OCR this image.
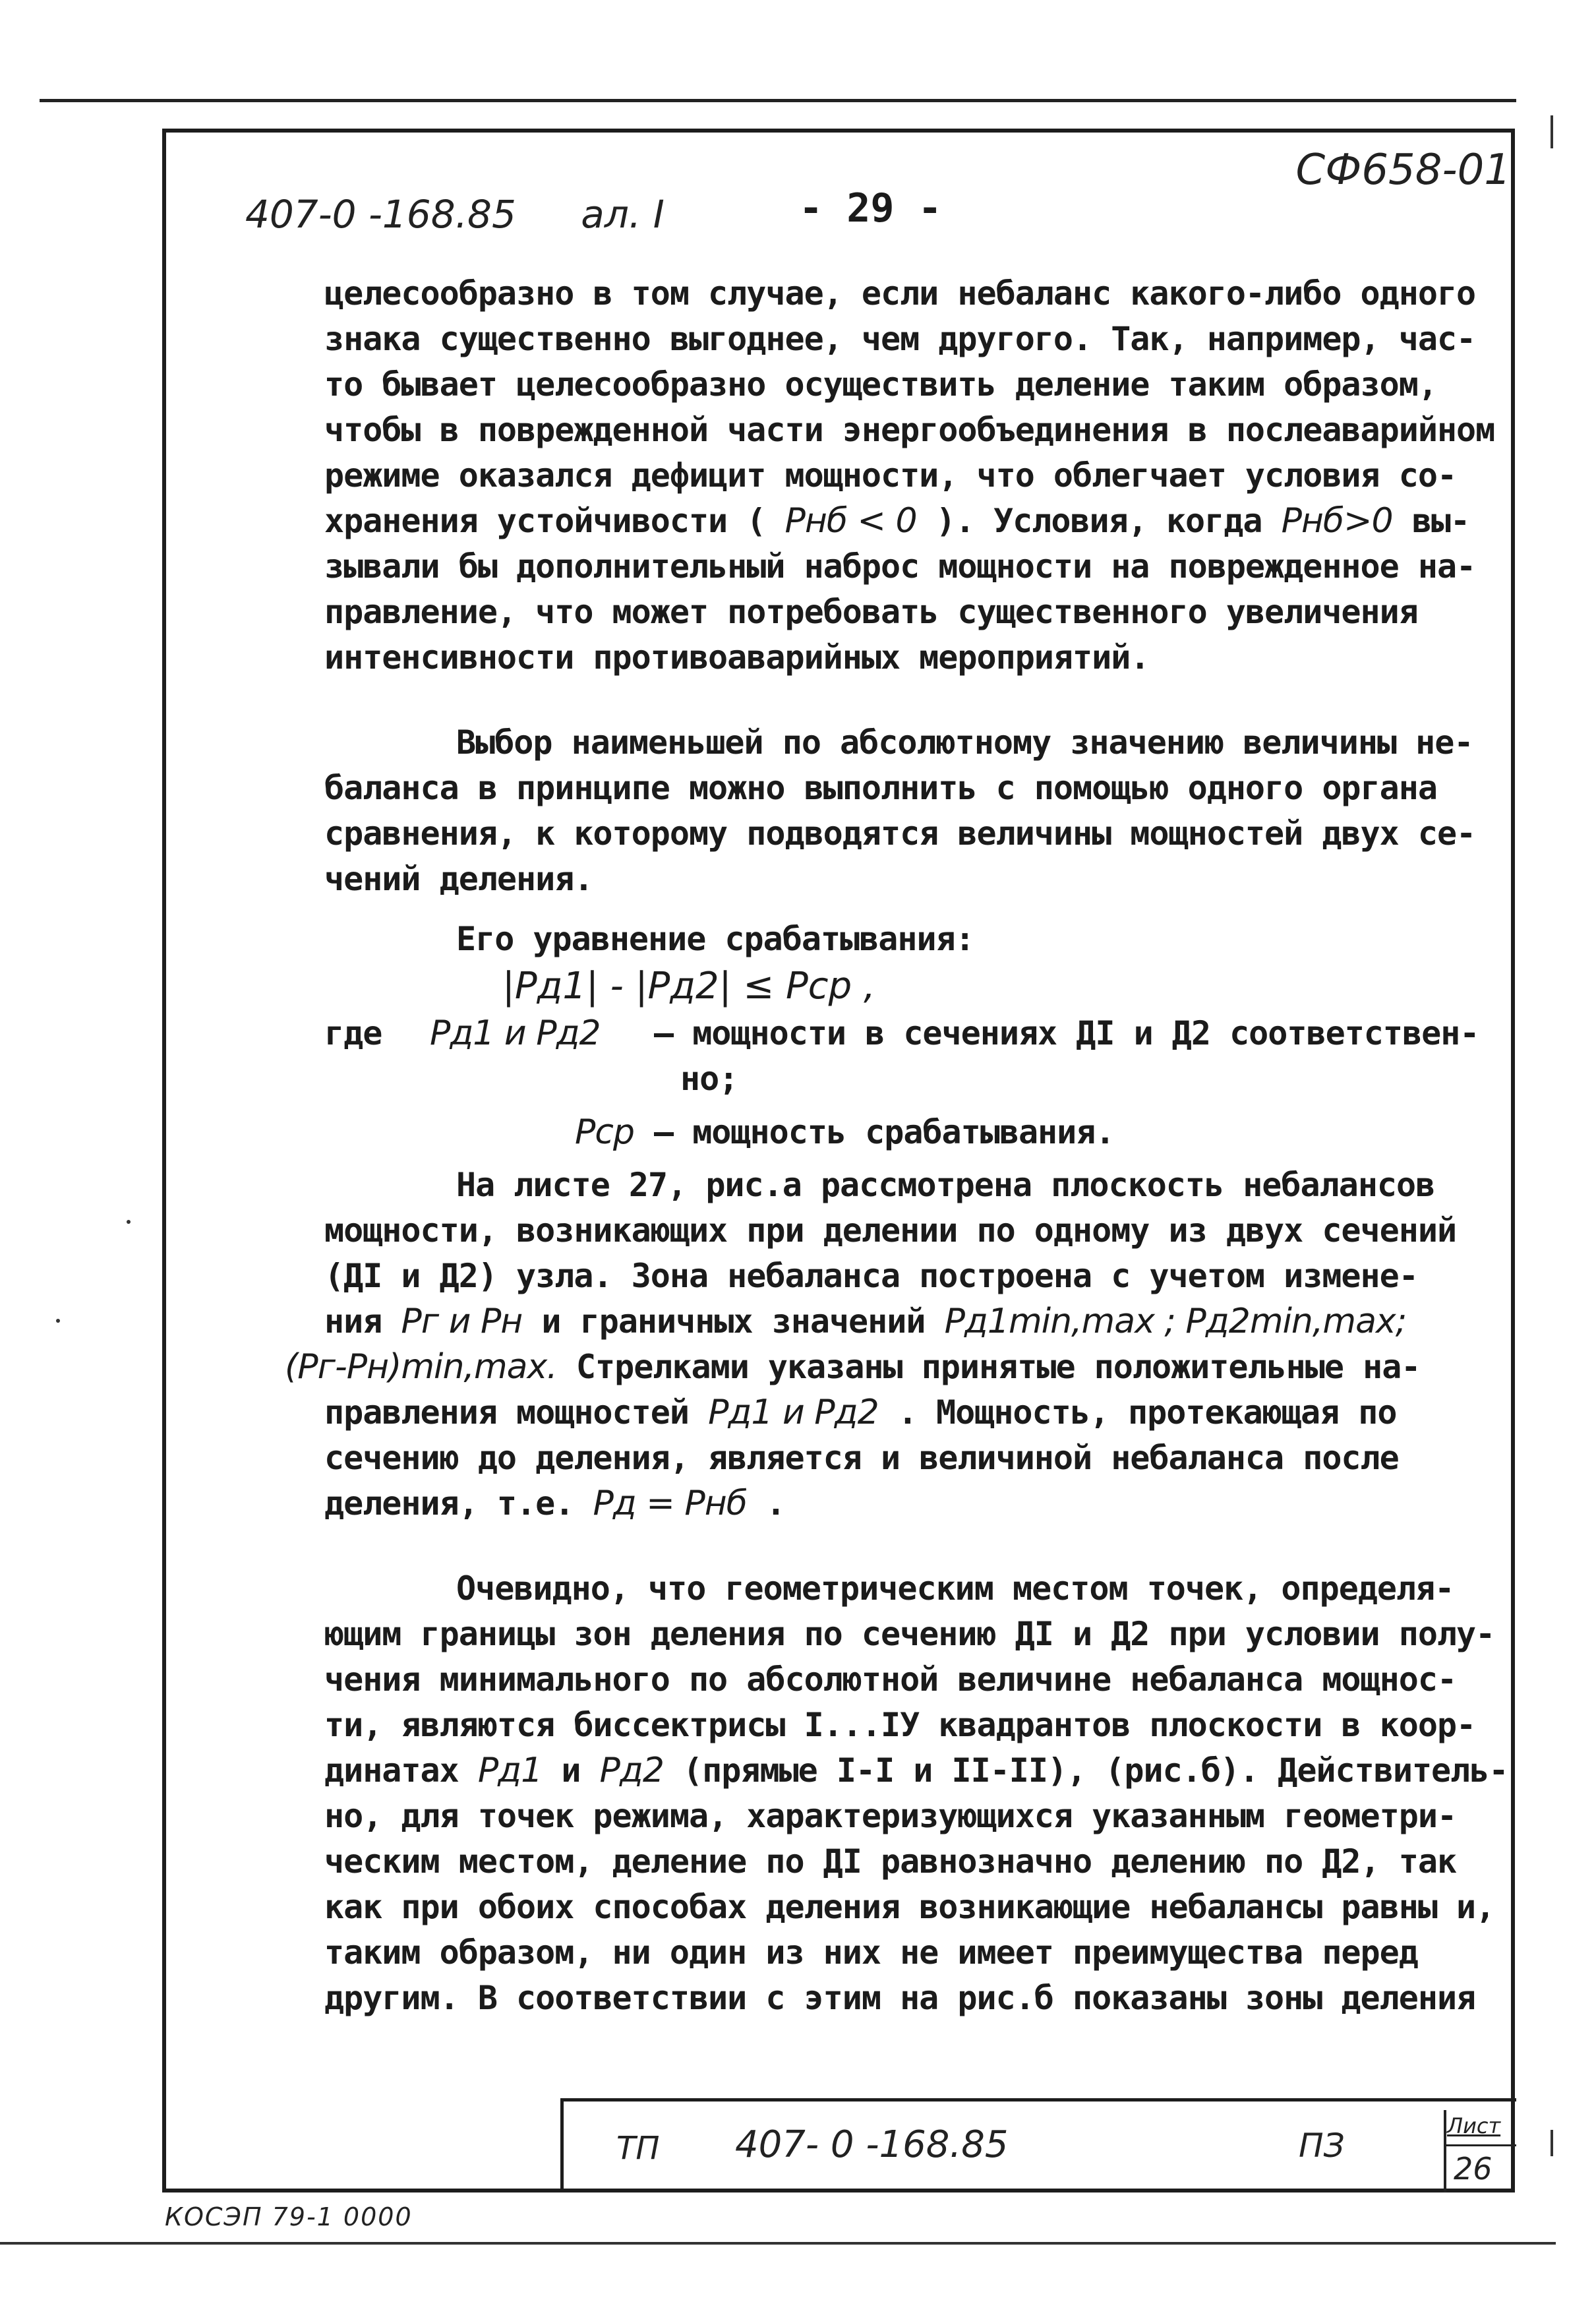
СФ658-01
407-0 -168.85 ал. I	- 29 -
целесообразно в том случае, если небаланс какого-либо одного
знака существенно выгоднее, чем другого. Так, например, час-
то бывает целесообразно осуществить деление таким образом,
чтобы в поврежденной части энергообъединения в послеаварийном
режиме оказался дефицит мощности, что облегчает условия со-
хранения устойчивости ( Pнб < 0 ). Условия, когда Pнб>0 вы-
зывали бы дополнительный наброс мощности на поврежденное на-
правление, что может потребовать существенного увеличения
интенсивности противоаварийных мероприятий.
Выбор наименьшей по абсолютному значению величины не-
баланса в принципе можно выполнить с помощью одного органа
сравнения, к которому подводятся величины мощностей двух се-
чений деления.
Его уравнение срабатывания:
|Pд1| - |Pд2| ≤ Pср ,
где Pд1 и Pд2 – мощности в сечениях ДI и Д2 соответствен-
но;
Pср – мощность срабатывания.
На листе 27, рис.а рассмотрена плоскость небалансов
мощности, возникающих при делении по одному из двух сечений
(ДI и Д2) узла. Зона небаланса построена с учетом измене-
ния Pг и Pн и граничных значений Pд1min,max ; Pд2min,max;
(Pг-Pн)min,max. Стрелками указаны принятые положительные на-
правления мощностей Pд1 и Pд2 . Мощность, протекающая по
сечению до деления, является и величиной небаланса после
деления, т.е. Pд = Pнб .
Очевидно, что геометрическим местом точек, определя-
ющим границы зон деления по сечению ДI и Д2 при условии полу-
чения минимального по абсолютной величине небаланса мощнос-
ти, являются биссектрисы I...IУ квадрантов плоскости в коор-
динатах Pд1 и Pд2 (прямые I-I и II-II), (рис.б). Действитель-
но, для точек режима, характеризующихся указанным геометри-
ческим местом, деление по ДI равнозначно делению по Д2, так
как при обоих способах деления возникающие небалансы равны и,
таким образом, ни один из них не имеет преимущества перед
другим. В соответствии с этим на рис.б показаны зоны деления
ТП 407- 0 -168.85	ПЗ
Лист
26
КОСЭП 79-1 0000
